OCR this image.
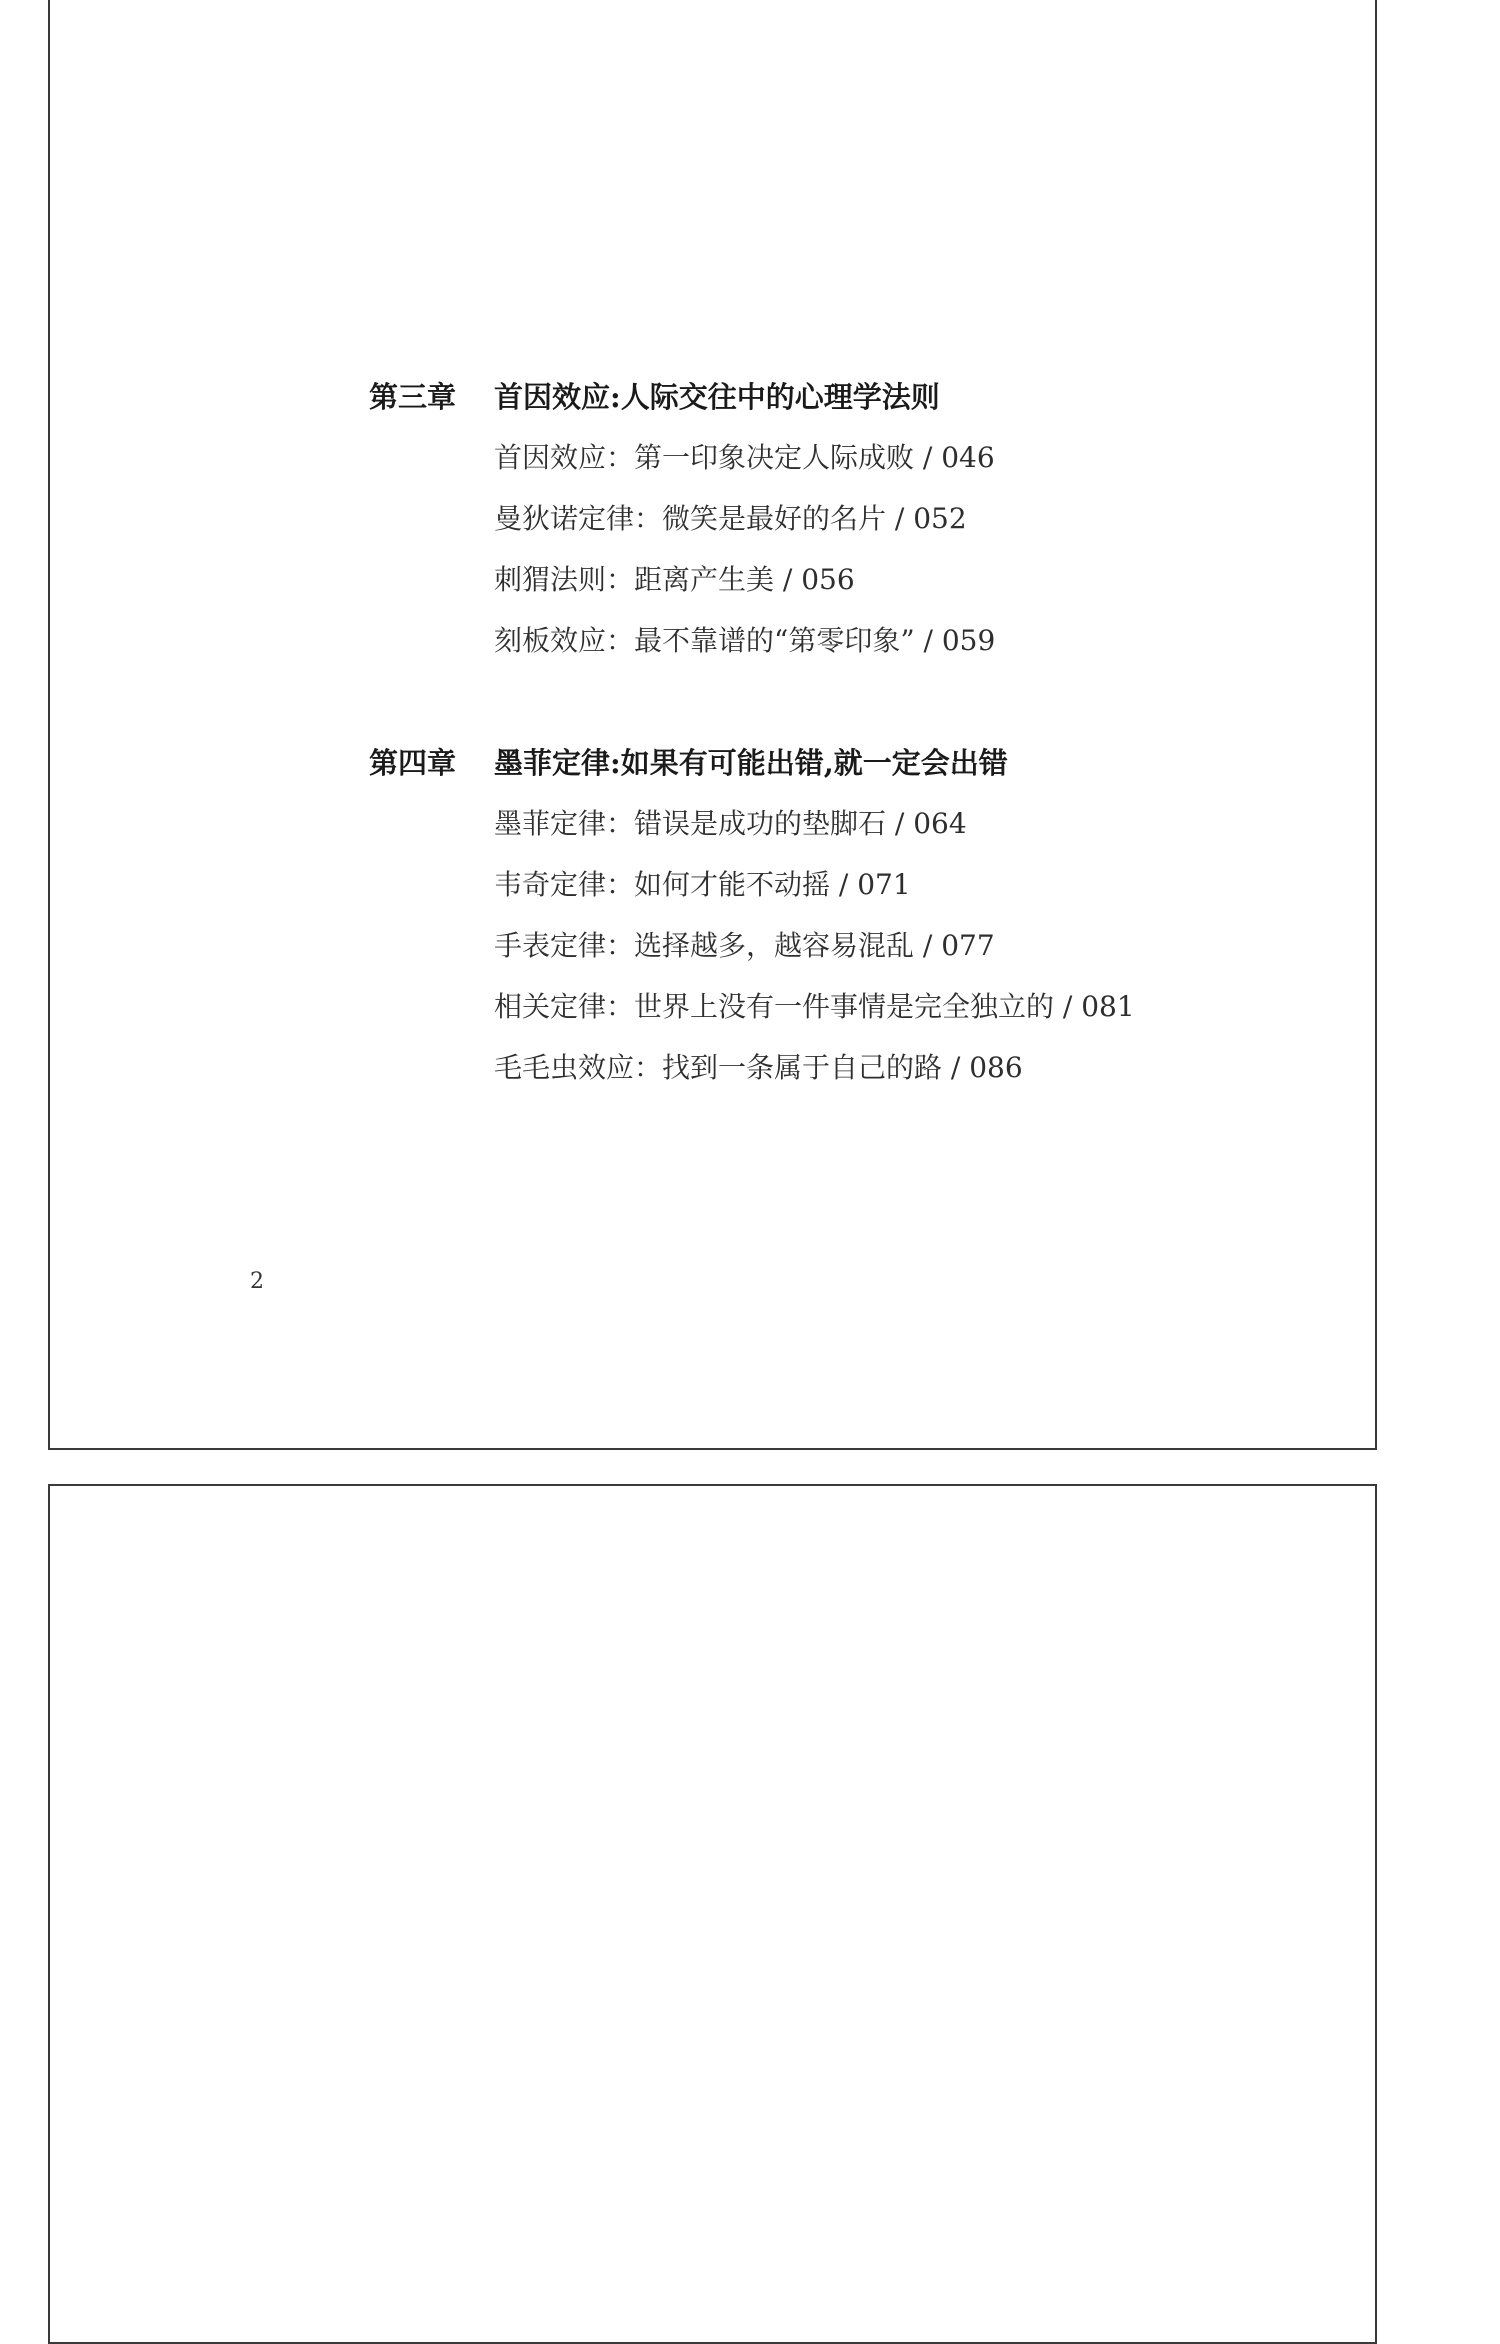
第三章	首因效应:人际交往中的心理学法则
首因效应：第一印象决定人际成败 / 046
曼狄诺定律：微笑是最好的名片 / 052
刺猬法则：距离产生美 / 056
刻板效应：最不靠谱的“第零印象” / 059
第四章	墨菲定律:如果有可能出错,就一定会出错
墨菲定律：错误是成功的垫脚石 / 064
韦奇定律：如何才能不动摇 / 071
手表定律：选择越多，越容易混乱 / 077
相关定律：世界上没有一件事情是完全独立的 / 081
毛毛虫效应：找到一条属于自己的路 / 086
2
